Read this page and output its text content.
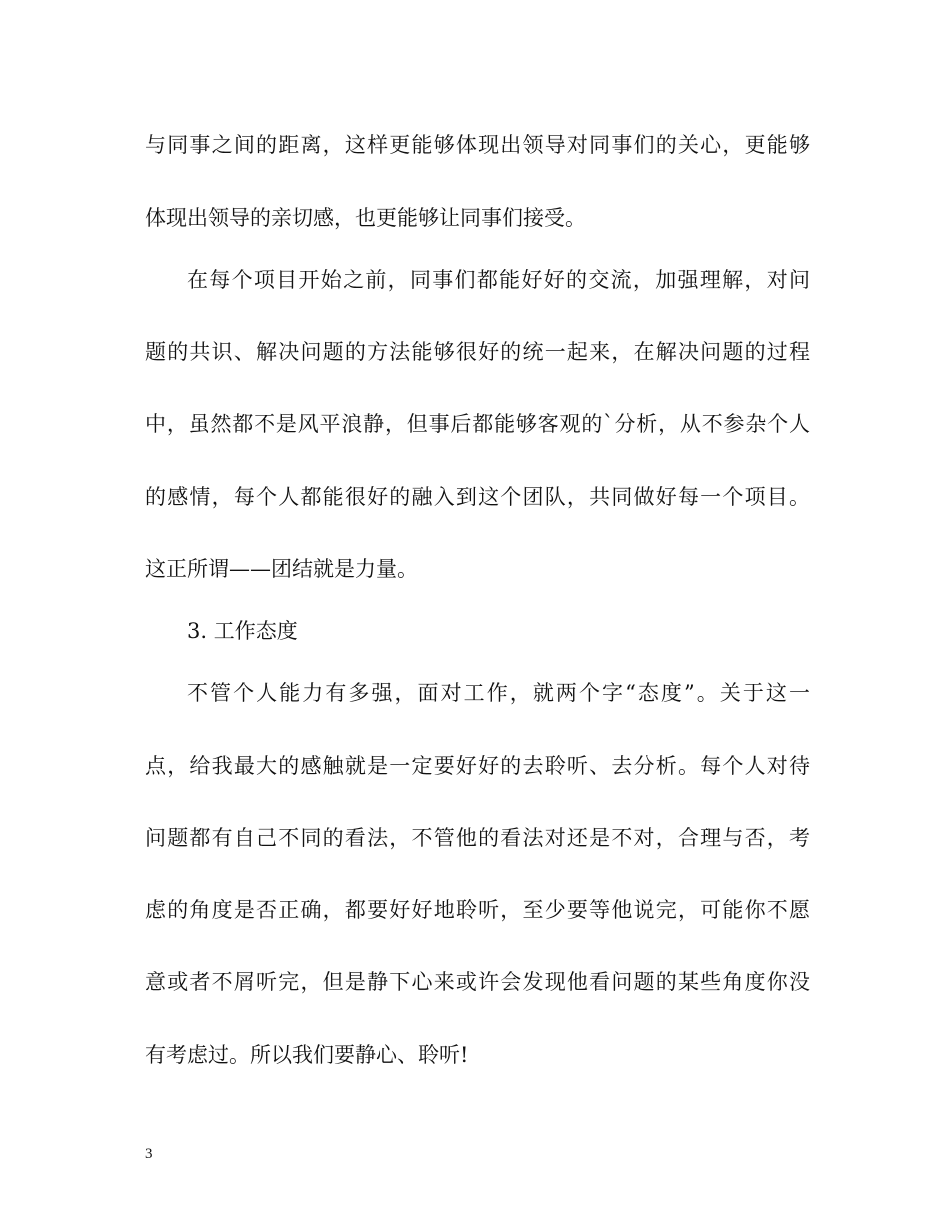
与同事之间的距离，这样更能够体现出领导对同事们的关心，更能够
体现出领导的亲切感，也更能够让同事们接受。
在每个项目开始之前，同事们都能好好的交流，加强理解，对问
题的共识、解决问题的方法能够很好的统一起来，在解决问题的过程
中，虽然都不是风平浪静，但事后都能够客观的`分析，从不参杂个人
的感情，每个人都能很好的融入到这个团队，共同做好每一个项目。
这正所谓——团结就是力量。
3. 工作态度
不管个人能力有多强，面对工作，就两个字“态度”。关于这一
点，给我最大的感触就是一定要好好的去聆听、去分析。每个人对待
问题都有自己不同的看法，不管他的看法对还是不对，合理与否，考
虑的角度是否正确，都要好好地聆听，至少要等他说完，可能你不愿
意或者不屑听完，但是静下心来或许会发现他看问题的某些角度你没
有考虑过。所以我们要静心、聆听!
3
